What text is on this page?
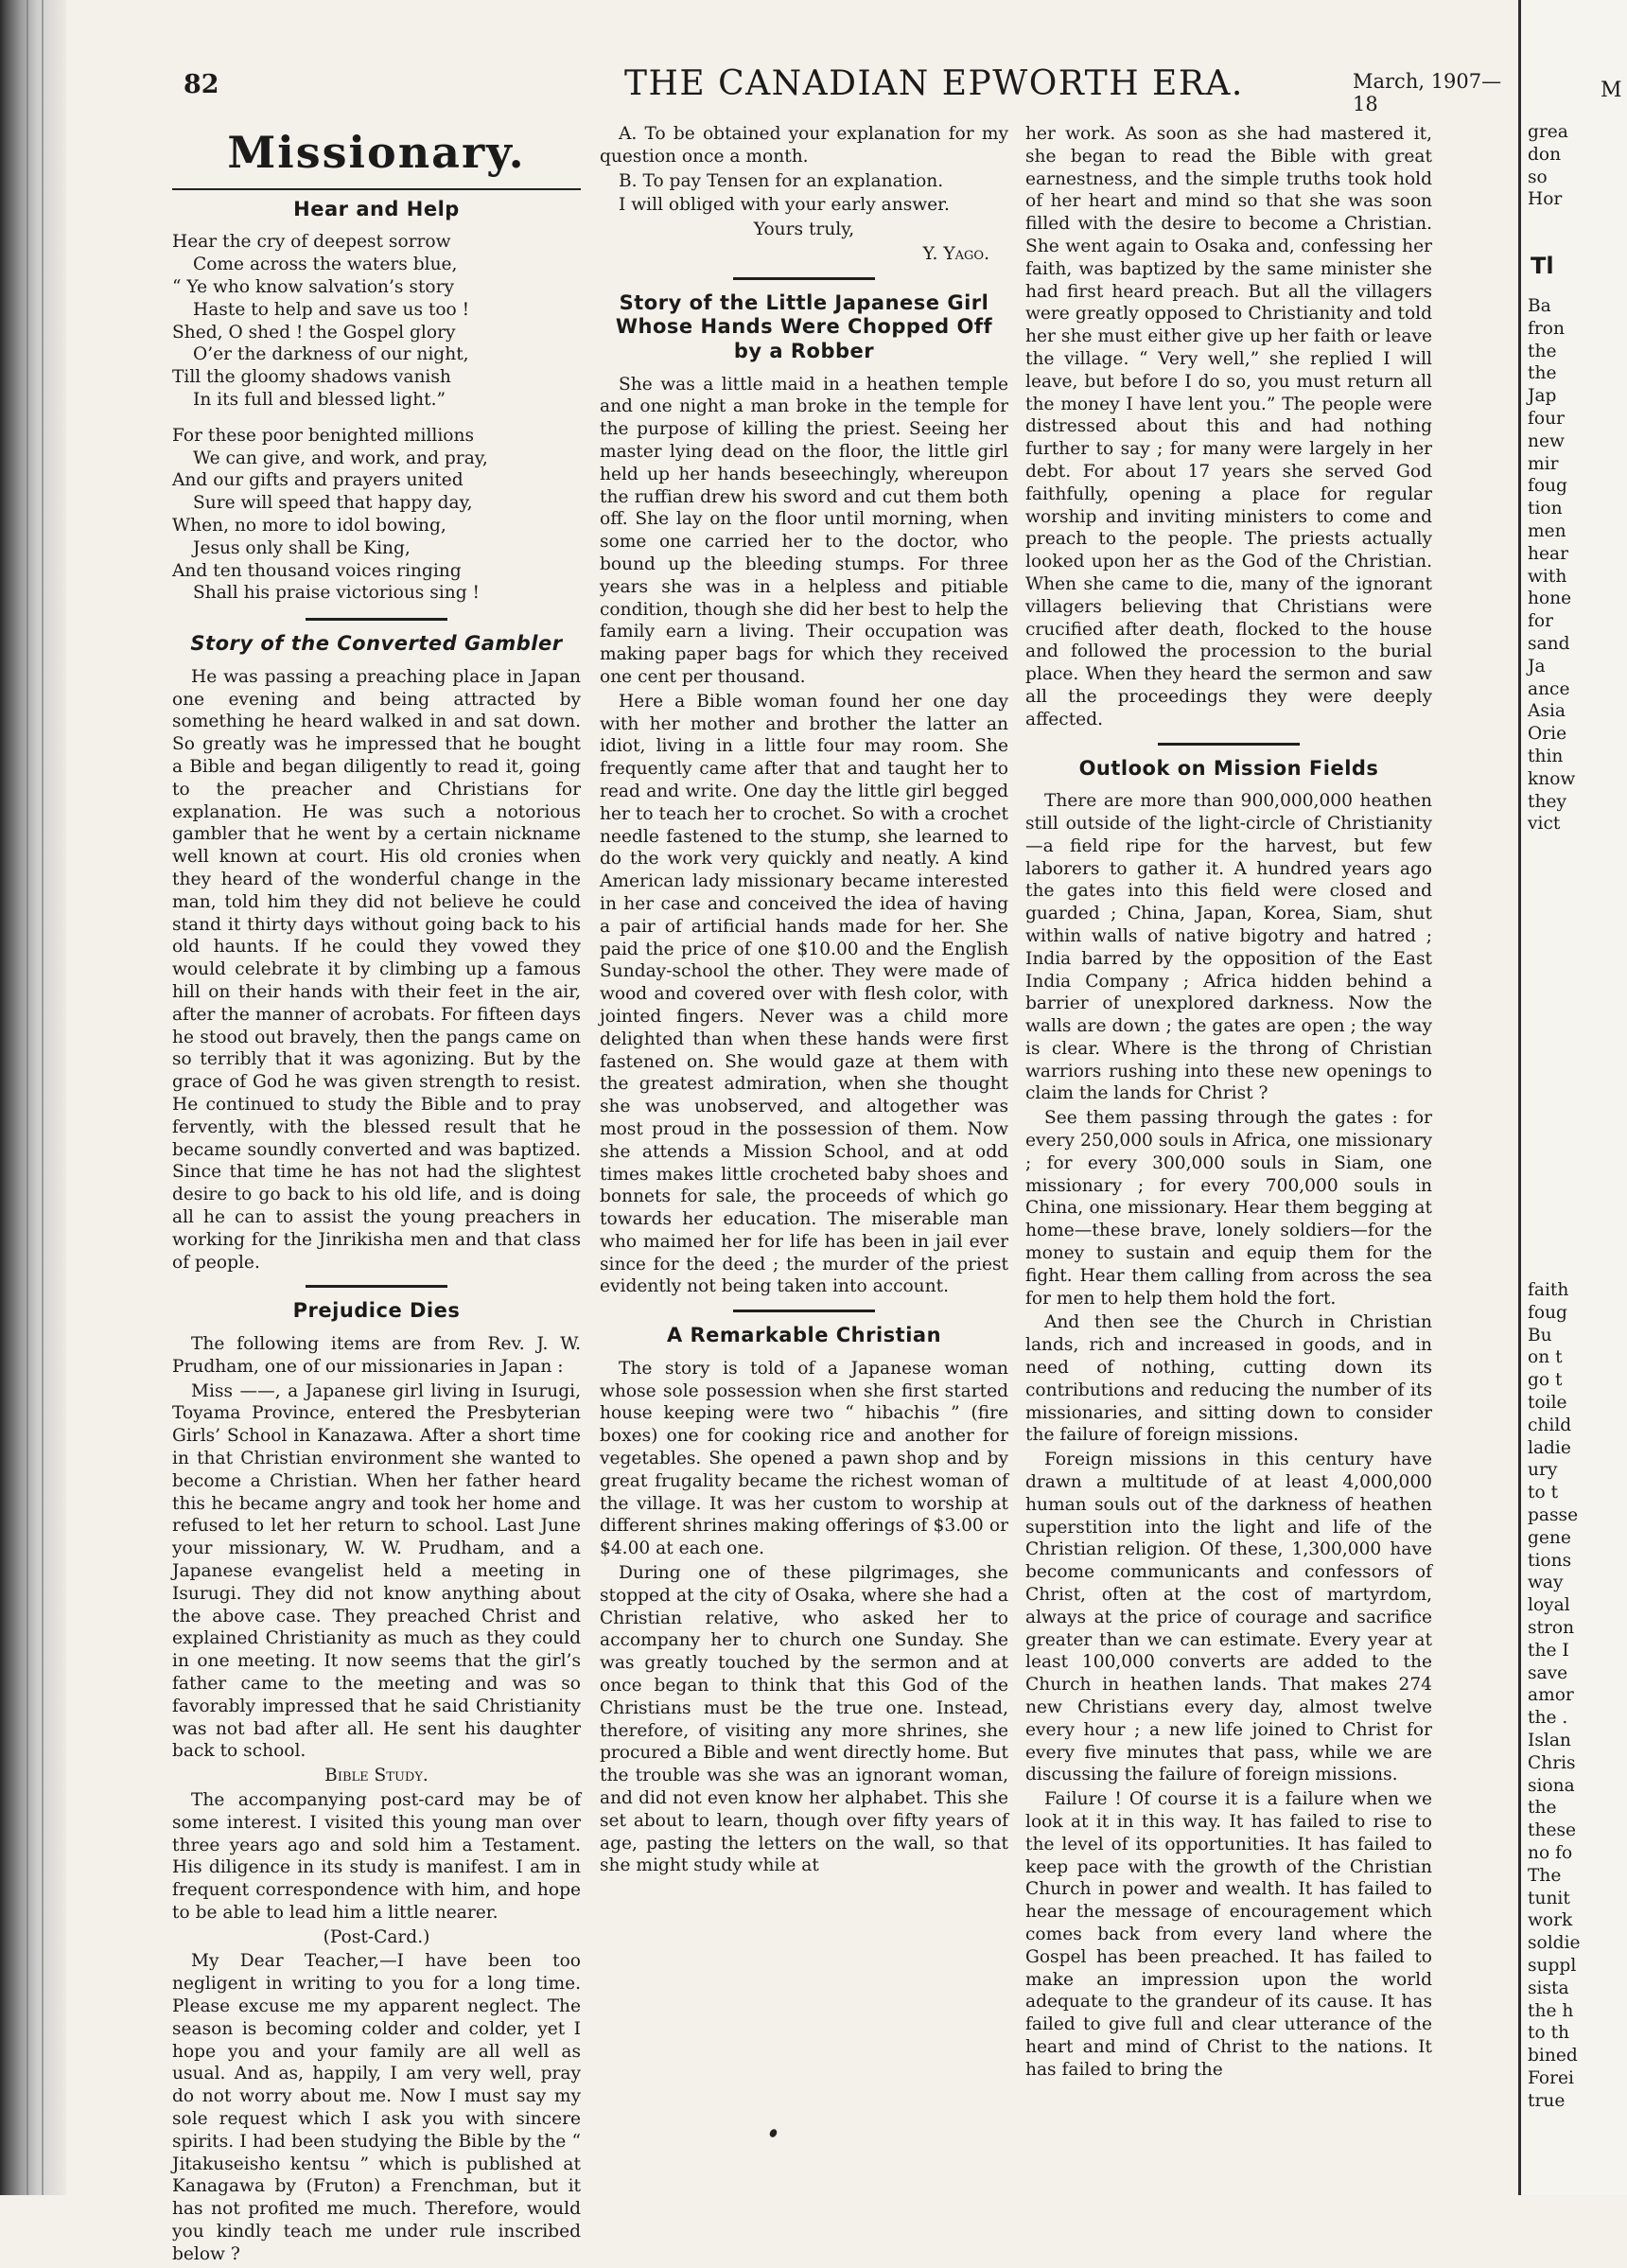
82	THE CANADIAN EPWORTH ERA.	March, 1907—18
Missionary.
Hear and Help
Hear the cry of deepest sorrow
Come across the waters blue,
“ Ye who know salvation’s story
Haste to help and save us too !
Shed, O shed ! the Gospel glory
O’er the darkness of our night,
Till the gloomy shadows vanish
In its full and blessed light.”
For these poor benighted millions
We can give, and work, and pray,
And our gifts and prayers united
Sure will speed that happy day,
When, no more to idol bowing,
Jesus only shall be King,
And ten thousand voices ringing
Shall his praise victorious sing !
Story of the Converted Gambler

He was passing a preaching place in Japan one evening and being attracted by something he heard walked in and sat down. So greatly was he impressed that he bought a Bible and began diligently to read it, going to the preacher and Christians for explanation. He was such a notorious gambler that he went by a certain nickname well known at court. His old cronies when they heard of the wonderful change in the man, told him they did not believe he could stand it thirty days without going back to his old haunts. If he could they vowed they would celebrate it by climbing up a famous hill on their hands with their feet in the air, after the manner of acrobats. For fifteen days he stood out bravely, then the pangs came on so terribly that it was agonizing. But by the grace of God he was given strength to resist. He continued to study the Bible and to pray fervently, with the blessed result that he became soundly converted and was baptized. Since that time he has not had the slightest desire to go back to his old life, and is doing all he can to assist the young preachers in working for the Jinrikisha men and that class of people.

Prejudice Dies

The following items are from Rev. J. W. Prudham, one of our missionaries in Japan :

Miss ——, a Japanese girl living in Isurugi, Toyama Province, entered the Presbyterian Girls’ School in Kanazawa. After a short time in that Christian environment she wanted to become a Christian. When her father heard this he became angry and took her home and refused to let her return to school. Last June your missionary, W. W. Prudham, and a Japanese evangelist held a meeting in Isurugi. They did not know anything about the above case. They preached Christ and explained Christianity as much as they could in one meeting. It now seems that the girl’s father came to the meeting and was so favorably impressed that he said Christianity was not bad after all. He sent his daughter back to school.

Bible Study.

The accompanying post-card may be of some interest. I visited this young man over three years ago and sold him a Testament. His diligence in its study is manifest. I am in frequent correspondence with him, and hope to be able to lead him a little nearer.

(Post-Card.)

My Dear Teacher,—I have been too negligent in writing to you for a long time. Please excuse me my apparent neglect. The season is becoming colder and colder, yet I hope you and your family are all well as usual. And as, happily, I am very well, pray do not worry about me. Now I must say my sole request which I ask you with sincere spirits. I had been studying the Bible by the “ Jitakuseisho kentsu ” which is published at Kanagawa by (Fruton) a Frenchman, but it has not profited me much. Therefore, would you kindly teach me under rule inscribed below ?

A. To be obtained your explanation for my question once a month.

B. To pay Tensen for an explanation.

I will obliged with your early answer.

Yours truly,

Y. Yago.

Story of the Little Japanese Girl Whose Hands Were Chopped Off by a Robber

She was a little maid in a heathen temple and one night a man broke in the temple for the purpose of killing the priest. Seeing her master lying dead on the floor, the little girl held up her hands beseechingly, whereupon the ruffian drew his sword and cut them both off. She lay on the floor until morning, when some one carried her to the doctor, who bound up the bleeding stumps. For three years she was in a helpless and pitiable condition, though she did her best to help the family earn a living. Their occupation was making paper bags for which they received one cent per thousand.

Here a Bible woman found her one day with her mother and brother the latter an idiot, living in a little four may room. She frequently came after that and taught her to read and write. One day the little girl begged her to teach her to crochet. So with a crochet needle fastened to the stump, she learned to do the work very quickly and neatly. A kind American lady missionary became interested in her case and conceived the idea of having a pair of artificial hands made for her. She paid the price of one $10.00 and the English Sunday-school the other. They were made of wood and covered over with flesh color, with jointed fingers. Never was a child more delighted than when these hands were first fastened on. She would gaze at them with the greatest admiration, when she thought she was unobserved, and altogether was most proud in the possession of them. Now she attends a Mission School, and at odd times makes little crocheted baby shoes and bonnets for sale, the proceeds of which go towards her education. The miserable man who maimed her for life has been in jail ever since for the deed ; the murder of the priest evidently not being taken into account.

A Remarkable Christian

The story is told of a Japanese woman whose sole possession when she first started house keeping were two “ hibachis ” (fire boxes) one for cooking rice and another for vegetables. She opened a pawn shop and by great frugality became the richest woman of the village. It was her custom to worship at different shrines making offerings of $3.00 or $4.00 at each one.

During one of these pilgrimages, she stopped at the city of Osaka, where she had a Christian relative, who asked her to accompany her to church one Sunday. She was greatly touched by the sermon and at once began to think that this God of the Christians must be the true one. Instead, therefore, of visiting any more shrines, she procured a Bible and went directly home. But the trouble was she was an ignorant woman, and did not even know her alphabet. This she set about to learn, though over fifty years of age, pasting the letters on the wall, so that she might study while at

her work. As soon as she had mastered it, she began to read the Bible with great earnestness, and the simple truths took hold of her heart and mind so that she was soon filled with the desire to become a Christian. She went again to Osaka and, confessing her faith, was baptized by the same minister she had first heard preach. But all the villagers were greatly opposed to Christianity and told her she must either give up her faith or leave the village. “ Very well,” she replied I will leave, but before I do so, you must return all the money I have lent you.” The people were distressed about this and had nothing further to say ; for many were largely in her debt. For about 17 years she served God faithfully, opening a place for regular worship and inviting ministers to come and preach to the people. The priests actually looked upon her as the God of the Christian. When she came to die, many of the ignorant villagers believing that Christians were crucified after death, flocked to the house and followed the procession to the burial place. When they heard the sermon and saw all the proceedings they were deeply affected.

Outlook on Mission Fields

There are more than 900,000,000 heathen still outside of the light-circle of Christianity—a field ripe for the harvest, but few laborers to gather it. A hundred years ago the gates into this field were closed and guarded ; China, Japan, Korea, Siam, shut within walls of native bigotry and hatred ; India barred by the opposition of the East India Company ; Africa hidden behind a barrier of unexplored darkness. Now the walls are down ; the gates are open ; the way is clear. Where is the throng of Christian warriors rushing into these new openings to claim the lands for Christ ?

See them passing through the gates : for every 250,000 souls in Africa, one missionary ; for every 300,000 souls in Siam, one missionary ; for every 700,000 souls in China, one missionary. Hear them begging at home—these brave, lonely soldiers—for the money to sustain and equip them for the fight. Hear them calling from across the sea for men to help them hold the fort.

And then see the Church in Christian lands, rich and increased in goods, and in need of nothing, cutting down its contributions and reducing the number of its missionaries, and sitting down to consider the failure of foreign missions.

Foreign missions in this century have drawn a multitude of at least 4,000,000 human souls out of the darkness of heathen superstition into the light and life of the Christian religion. Of these, 1,300,000 have become communicants and confessors of Christ, often at the cost of martyrdom, always at the price of courage and sacrifice greater than we can estimate. Every year at least 100,000 converts are added to the Church in heathen lands. That makes 274 new Christians every day, almost twelve every hour ; a new life joined to Christ for every five minutes that pass, while we are discussing the failure of foreign missions.

Failure ! Of course it is a failure when we look at it in this way. It has failed to rise to the level of its opportunities. It has failed to keep pace with the growth of the Christian Church in power and wealth. It has failed to hear the message of encouragement which comes back from every land where the Gospel has been preached. It has failed to make an impression upon the world adequate to the grandeur of its cause. It has failed to give full and clear utterance of the heart and mind of Christ to the nations. It has failed to bring the

M
grea
don
so
Hor
Tl
Ba
fron
the
the
Jap
four
new
mir
foug
tion
men
hear
with
hone
for
sand
Ja
ance
Asia
Orie
thin
know
they
vict
faith
foug
Bu
on t
go t
toile
child
ladie
ury
to t
passe
gene
tions
way
loyal
stron
the I
save
amor
the .
Islan
Chris
siona
the
these
no fo
The
tunit
work
soldie
suppl
sista
the h
to th
bined
Forei
true
